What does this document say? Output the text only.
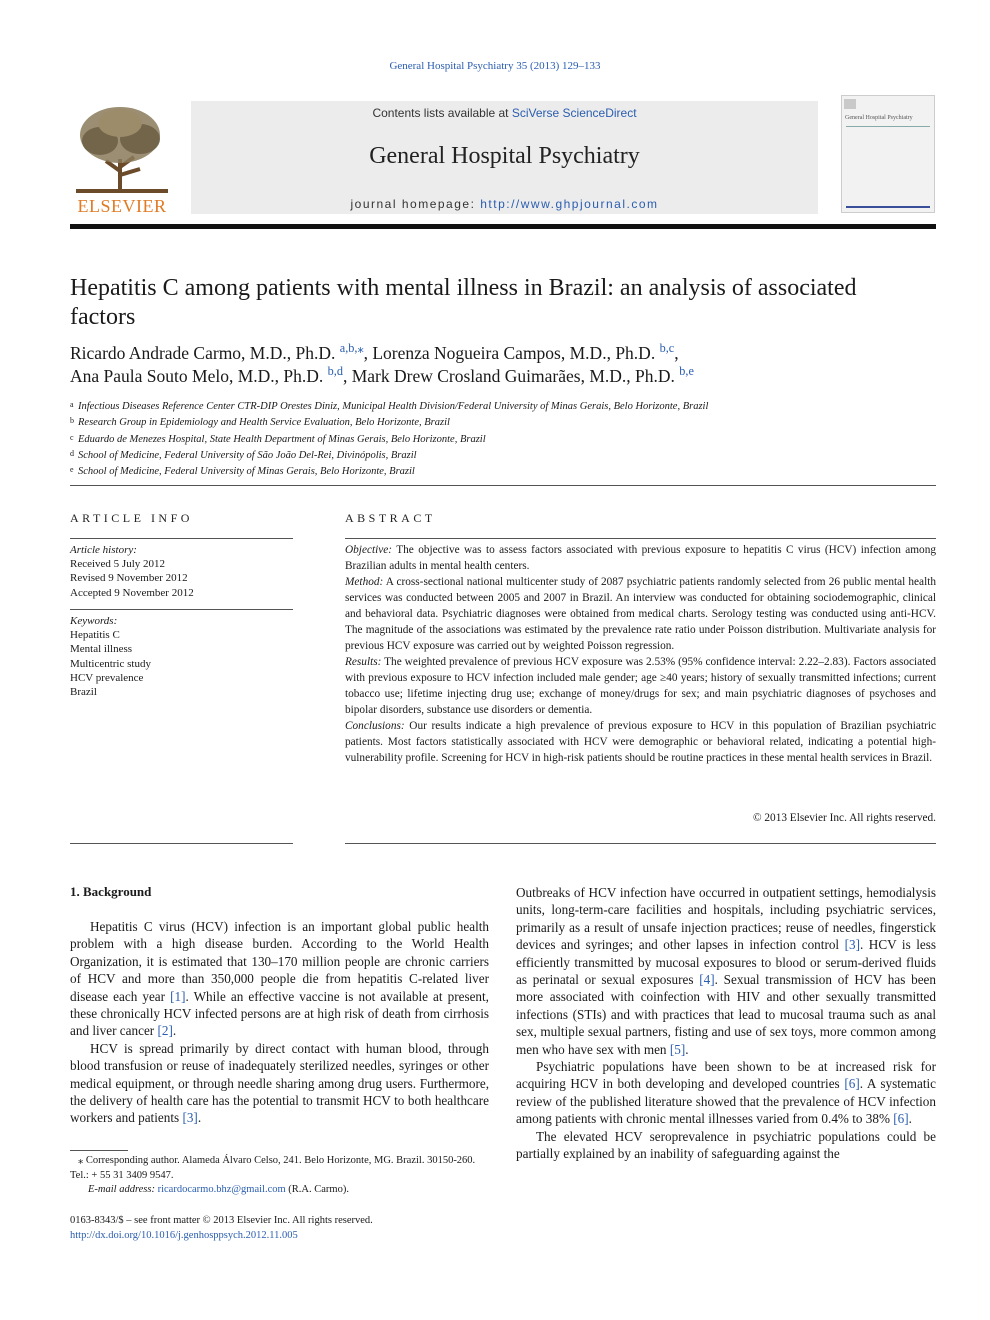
General Hospital Psychiatry 35 (2013) 129–133
ELSEVIER
Contents lists available at SciVerse ScienceDirect
General Hospital Psychiatry
journal homepage: http://www.ghpjournal.com
General Hospital Psychiatry
Hepatitis C among patients with mental illness in Brazil: an analysis of associated factors
Ricardo Andrade Carmo, M.D., Ph.D. $^{a,b,⁎}$, Lorenza Nogueira Campos, M.D., Ph.D. $^{b,c}$,
Ana Paula Souto Melo, M.D., Ph.D. $^{b,d}$, Mark Drew Crosland Guimarães, M.D., Ph.D. $^{b,e}$
a Infectious Diseases Reference Center CTR-DIP Orestes Diniz, Municipal Health Division/Federal University of Minas Gerais, Belo Horizonte, Brazil
b Research Group in Epidemiology and Health Service Evaluation, Belo Horizonte, Brazil
c Eduardo de Menezes Hospital, State Health Department of Minas Gerais, Belo Horizonte, Brazil
d School of Medicine, Federal University of São João Del-Rei, Divinópolis, Brazil
e School of Medicine, Federal University of Minas Gerais, Belo Horizonte, Brazil
ARTICLE INFO	ABSTRACT
Article history:
Received 5 July 2012
Revised 9 November 2012
Accepted 9 November 2012
Keywords:
Hepatitis C
Mental illness
Multicentric study
HCV prevalence
Brazil
Objective: The objective was to assess factors associated with previous exposure to hepatitis C virus (HCV) infection among Brazilian adults in mental health centers.
Method: A cross-sectional national multicenter study of 2087 psychiatric patients randomly selected from 26 public mental health services was conducted between 2005 and 2007 in Brazil. An interview was conducted for obtaining sociodemographic, clinical and behavioral data. Psychiatric diagnoses were obtained from medical charts. Serology testing was conducted using anti-HCV. The magnitude of the associations was estimated by the prevalence rate ratio under Poisson distribution. Multivariate analysis for previous HCV exposure was carried out by weighted Poisson regression.
Results: The weighted prevalence of previous HCV exposure was 2.53% (95% confidence interval: 2.22–2.83). Factors associated with previous exposure to HCV infection included male gender; age ≥40 years; history of sexually transmitted infections; current tobacco use; lifetime injecting drug use; exchange of money/drugs for sex; and main psychiatric diagnoses of psychoses and bipolar disorders, substance use disorders or dementia.
Conclusions: Our results indicate a high prevalence of previous exposure to HCV in this population of Brazilian psychiatric patients. Most factors statistically associated with HCV were demographic or behavioral related, indicating a potential high-vulnerability profile. Screening for HCV in high-risk patients should be routine practices in these mental health services in Brazil.
© 2013 Elsevier Inc. All rights reserved.
1. Background

Hepatitis C virus (HCV) infection is an important global public health problem with a high disease burden. According to the World Health Organization, it is estimated that 130–170 million people are chronic carriers of HCV and more than 350,000 people die from hepatitis C-related liver disease each year [1]. While an effective vaccine is not available at present, these chronically HCV infected persons are at high risk of death from cirrhosis and liver cancer [2].

HCV is spread primarily by direct contact with human blood, through blood transfusion or reuse of inadequately sterilized needles, syringes or other medical equipment, or through needle sharing among drug users. Furthermore, the delivery of health care has the potential to transmit HCV to both healthcare workers and patients [3].

Outbreaks of HCV infection have occurred in outpatient settings, hemodialysis units, long-term-care facilities and hospitals, including psychiatric services, primarily as a result of unsafe injection practices; reuse of needles, fingerstick devices and syringes; and other lapses in infection control [3]. HCV is less efficiently transmitted by mucosal exposures to blood or serum-derived fluids as perinatal or sexual exposures [4]. Sexual transmission of HCV has been more associated with coinfection with HIV and other sexually transmitted infections (STIs) and with practices that lead to mucosal trauma such as anal sex, multiple sexual partners, fisting and use of sex toys, more common among men who have sex with men [5].

Psychiatric populations have been shown to be at increased risk for acquiring HCV in both developing and developed countries [6]. A systematic review of the published literature showed that the prevalence of HCV infection among patients with chronic mental illnesses varied from 0.4% to 38% [6].

The elevated HCV seroprevalence in psychiatric populations could be partially explained by an inability of safeguarding against the

⁎ Corresponding author. Alameda Álvaro Celso, 241. Belo Horizonte, MG. Brazil. 30150-260. Tel.: + 55 31 3409 9547.
E-mail address: ricardocarmo.bhz@gmail.com (R.A. Carmo).
0163-8343/$ – see front matter © 2013 Elsevier Inc. All rights reserved.
http://dx.doi.org/10.1016/j.genhosppsych.2012.11.005
